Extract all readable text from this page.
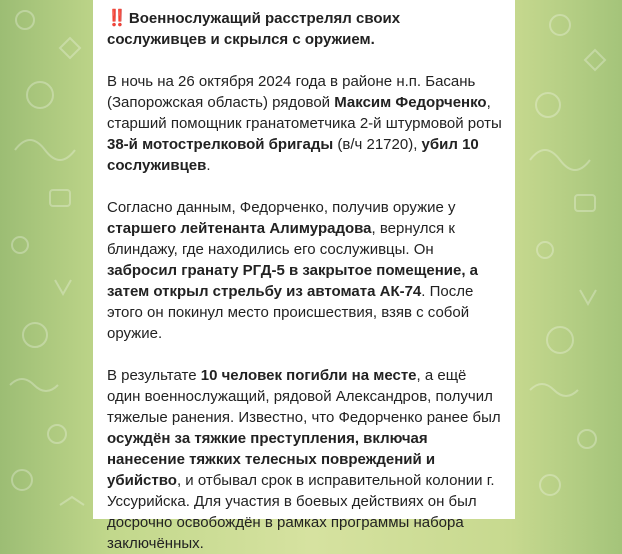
‼️ Военнослужащий расстрелял своих сослуживцев и скрылся с оружием.

В ночь на 26 октября 2024 года в районе н.п. Басань (Запорожская область) рядовой Максим Федорченко, старший помощник гранатометчика 2-й штурмовой роты 38-й мотострелковой бригады (в/ч 21720), убил 10 сослуживцев.

Согласно данным, Федорченко, получив оружие у старшего лейтенанта Алимурадова, вернулся к блиндажу, где находились его сослуживцы. Он забросил гранату РГД-5 в закрытое помещение, а затем открыл стрельбу из автомата АК-74. После этого он покинул место происшествия, взяв с собой оружие.

В результате 10 человек погибли на месте, а ещё один военнослужащий, рядовой Александров, получил тяжелые ранения. Известно, что Федорченко ранее был осуждён за тяжкие преступления, включая нанесение тяжких телесных повреждений и убийство, и отбывал срок в исправительной колонии г. Уссурийска. Для участия в боевых действиях он был досрочно освобождён в рамках программы набора заключённых.
